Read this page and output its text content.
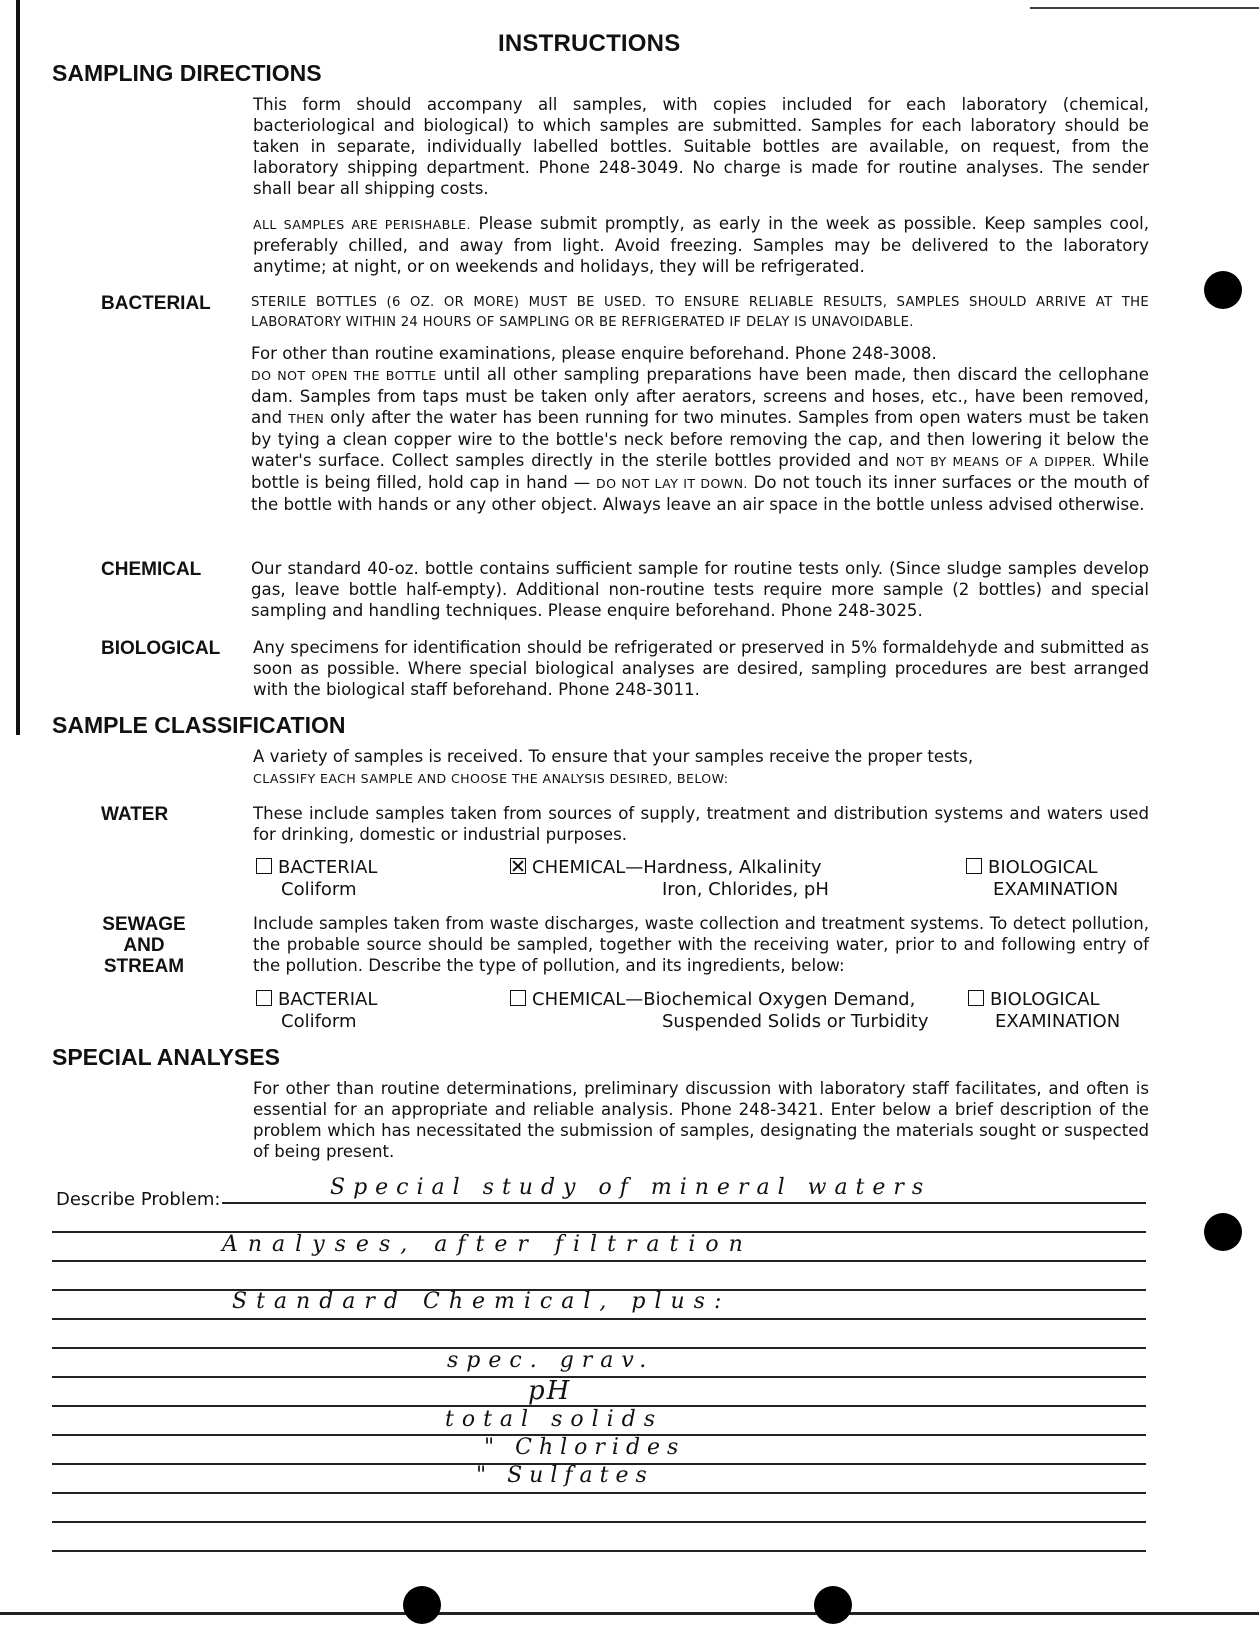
INSTRUCTIONS
SAMPLING DIRECTIONS

This form should accompany all samples, with copies included for each laboratory (chemical, bacteriological and biological) to which samples are submitted. Samples for each laboratory should be taken in separate, individually labelled bottles. Suitable bottles are available, on request, from the laboratory shipping department. Phone 248-3049. No charge is made for routine analyses. The sender shall bear all shipping costs.

ALL SAMPLES ARE PERISHABLE. Please submit promptly, as early in the week as possible. Keep samples cool, preferably chilled, and away from light. Avoid freezing. Samples may be delivered to the laboratory anytime; at night, or on weekends and holidays, they will be refrigerated.

BACTERIAL	STERILE BOTTLES (6 OZ. OR MORE) MUST BE USED. TO ENSURE RELIABLE RESULTS, SAMPLES SHOULD ARRIVE AT THE LABORATORY WITHIN 24 HOURS OF SAMPLING OR BE REFRIGERATED IF DELAY IS UNAVOIDABLE.

For other than routine examinations, please enquire beforehand. Phone 248-3008.
DO NOT OPEN THE BOTTLE until all other sampling preparations have been made, then discard the cellophane dam. Samples from taps must be taken only after aerators, screens and hoses, etc., have been removed, and THEN only after the water has been running for two minutes. Samples from open waters must be taken by tying a clean copper wire to the bottle's neck before removing the cap, and then lowering it below the water's surface. Collect samples directly in the sterile bottles provided and NOT BY MEANS OF A DIPPER. While bottle is being filled, hold cap in hand — DO NOT LAY IT DOWN. Do not touch its inner surfaces or the mouth of the bottle with hands or any other object. Always leave an air space in the bottle unless advised otherwise.

CHEMICAL	Our standard 40-oz. bottle contains sufficient sample for routine tests only. (Since sludge samples develop gas, leave bottle half-empty). Additional non-routine tests require more sample (2 bottles) and special sampling and handling techniques. Please enquire beforehand. Phone 248-3025.

BIOLOGICAL Any specimens for identification should be refrigerated or preserved in 5% formaldehyde and submitted as soon as possible. Where special biological analyses are desired, sampling procedures are best arranged with the biological staff beforehand. Phone 248-3011.

SAMPLE CLASSIFICATION

A variety of samples is received. To ensure that your samples receive the proper tests,
CLASSIFY EACH SAMPLE AND CHOOSE THE ANALYSIS DESIRED, BELOW:

WATER	These include samples taken from sources of supply, treatment and distribution systems and waters used for drinking, domestic or industrial purposes.

BACTERIAL
Coliform
CHEMICAL—Hardness, Alkalinity
Iron, Chlorides, pH
BIOLOGICAL
EXAMINATION
SEWAGE
AND
STREAM

Include samples taken from waste discharges, waste collection and treatment systems. To detect pollution, the probable source should be sampled, together with the receiving water, prior to and following entry of the pollution. Describe the type of pollution, and its ingredients, below:

BACTERIAL
Coliform
CHEMICAL—Biochemical Oxygen Demand,
Suspended Solids or Turbidity
BIOLOGICAL
EXAMINATION
SPECIAL ANALYSES

For other than routine determinations, preliminary discussion with laboratory staff facilitates, and often is essential for an appropriate and reliable analysis. Phone 248-3421. Enter below a brief description of the problem which has necessitated the submission of samples, designating the materials sought or suspected of being present.

Describe Problem:	Special study of mineral waters
Analyses, after filtration
Standard Chemical, plus:
spec. grav.
pH
total solids
" Chlorides
" Sulfates
